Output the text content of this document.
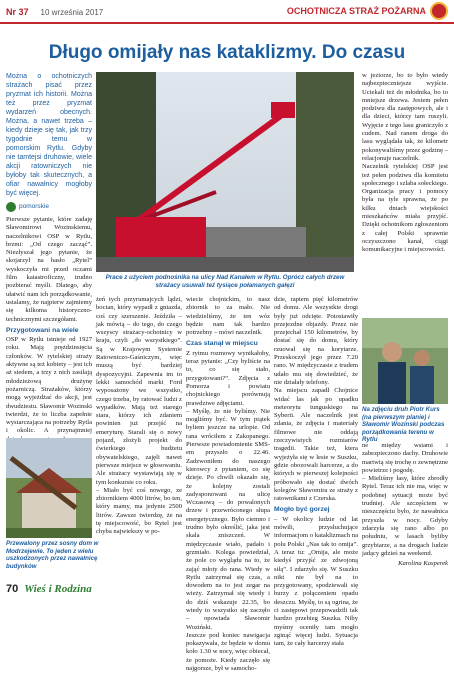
Nr 37 10 września 2017	OCHOTNICZA STRAŻ POŻARNA
Długo omijały nas kataklizmy. Do czasu

Można o ochotniczych strażach pisać przez pryzmat ich historii. Można też przez pryzmat wydarzeń obecnych. Można, a nawet trzeba – kiedy dzieje się tak, jak trzy tygodnie temu w pomorskim Rytlu. Gdyby nie tamtejsi druhowie, wiele akcji ratowniczych nie byłoby tak skutecznych, a ofiar nawałnicy mogłoby być więcej.

pomorskie

Pierwsze pytanie, które zadaję Sławomirowi Wozinskiemu, naczelnikowi OSP w Rytlu, brzmi: „Od czego zacząć”. Niezłyszał jego pytanie, że skojarzył na hasło „Rytel” wyskoczyła mi przed oczami film katastroficzny, trudno pozbierać myśli. Dlatego, aby ułatwić nam ich porządkowanie, ustalamy, że najpierw zajmiemy się kilkoma historyczno-technicznymi szczegółami.

Przygotowani na wiele

OSP w Rytlu istnieje od 1927 roku. Mają prężdzinsięcia członków. W rytelskiej straży aktywne są też kobiety – jest ich aż siedem, a trzy z nich zasilają młodzieżową drużynę pożarniczą. Strażaków, którzy mogą wyjeżdżać do akcji, jest dwudziestu. Sławomir Wozinski twierdzi, że to liczba zapełnie wystarczająca na potrzeby Rytla i okolic. A przynajmniej

Prace z użyciem podnośnika na ulicy Nad Kanałem w Rytlu. Oprócz całych drzew strażacy usuwali też tysiące połamanych gałęzi

żeń tych przyrumajcych lądzi, bocian, który wypadł z gniazda, coś czy szerszenie. Jeździła – jak mówią – do tego, do czego wszyscy strażacy-ochotnicy w kraju, czyli „do wszystkiego”. Są w Krajowym Systemie Ratowniczo-Gaśniczym, więc muszą być bardziej dyspozycyjni. Zapewnia im to lekki samochód marki Ford wyposażony we wszystko, czego trzeba, by ratować ludzi z wypadków. Mają też starego stara, którzy ich zdaniem powinien już przejść na emeryturę. Starali się o nowy pojazd, złożyli projekt do ćwierkiego budżetu obywatelskiego, zajęli nawet pierwsze miejsce w głosowaniu. Ale strażacy wystawiają się w tym konkursie co roku.

– Miało być coś nowego, ze zbiornikiem 4000 litrów, bo ten, który mamy, ma jedynie 2500 litrów. Zawsze twierdzę, że na tę miejscowość, bo Rytel jest chyba najwiekszy w po-

wiecie chojnickim, to nasz zbiornik to za mało. Nie wiedzieliśmy, że ten wóz będzie nam tak bardzo potrzebny – mówi naczelnik.

Czas stanął w miejscu

Z rytmu rozmowy wynikałoby, teraz pytanie: „Czy byliście na to, co się stało, przygotowani?”. Zdjęcia z Pomorza i powiatu chojnickiego porównują prawdziwe zdjęciami.

– Myślę, że nie byliśmy. Nie mogliśmy być. W tym piątek byliem jeszcze na urlopie. Od rana wróciłem z Zakopanego. Pierwsze powiadomienie SMS-em przyszło o 22.46. Zadzwoniłem do naszego kierowcy z pytaniem, co się dzieje. Po chwili okazało się, że kolejny zostali zadysponowani na ulicę Wczasową – do powalonych drzew i przewróconego słupa energetycznego. Było ciemno i trudno było określić, jaka jest skala zniszczeń. W międzyczasie wiało, padało i grzmiało. Kolega powiedział, że pole co wyglądu na to, że zająć młoty do rana. Wtedy w Rytlu zatrzymał się czas, a dowodem na to jest zegar na wieży. Zatrzymał się wtedy i do dziś wskazuje 22.35, bo wtedy to wszystko się zaczęło – opowiada Sławomir Woziński.

Jeszcze pod koniec nawigacja pokazywała, że będzie w domu koło 1.30 w nocy, więc obiecał, że pomoże. Kiedy zaczęło się najgorsze, był w samocho-

dzie, raptem pięć kilometrów od domu. Ale wszystkie drogi były już odcięte. Potostawiły przejezdne objazdy. Przez nie przejechał 150 kilometrów, by dostać się do domu, który rzuował się na korytarze. Przeskoczył jego przez 7.20 rano. W międzyczasie z trudem udało mu się dowiedzieć, że nie działały telefony.

Na miejscu zapadł Chojnice widać las jak po upadku meteorytu tunguskiego na Syberii. Ale naczelnik jest zdania, że zdjęcia i materiały filmowe nie oddają rzeczywistych rozmiarów tragedii. Takie też, ktera wyjeżyła się w lesie w Suszku, gdzie obozowali harcerze, a do których w pierwszej kolejności próbowało się dostać dwóch kolegów Sławomira ze straży z ratownikami z Czerska.

Mogło być gorzej

– W okolicy ludzie od lat mówili, przysłuchujące informacjom o kataklizmach na polu Polski „Nas tak to omija”. A teraz tu: „Omija, ale może kiedyś przyjść ze zdwojoną siłą”. I zdarzyło się. W Suszku nikt nie był na to przygotowany, spodziewali się burzy z połączeniem opadu deszczu. Myślę, to są ogrina, że ci zastępowi przepowadzili tak bardzo przebieg Suszka. Niby myśmy oceniły tam mogło zginąć więcej ludzi. Sytuacja tam, że cały harcerzy stała

w jeziorze, bo to było wtedy najbezpieczniejsze wyjście. Uciekali też do młodnika, bo to mniejsze drzewa. Jestem pełen podziwu dla zastępowych, ale i dla dzieci, którzy tam ruszyli. Wyjęcie z tego lasu graniczyło z cudem. Nad ranem droga do lasu wyglądała tak, że kilometr pokonywaliśmy przez godzinę – relacjonuje naczelnik.

Naczelnik rytelskiej OSP jest też pełen podziwu dla komitetu społecznego i szlaba sołeckiego. Organizacja pracy i pomocy była na tyle sprawna, że po kilku dniach wiejskości mieszkańców miała przyjść. Dzięki ochotnikom zgłoszeniom z całej Polski sprawnie oczyszczono kanał, ciągi komunikacyjne i miejscowości.

Na zdjęciu druh Piotr Kurs (na pierwszym planie) i Sławomir Wozinski podczas porządkowania terenu w Rytlu

ne między wsiami i zabezpieczono dachy. Druhowie martwią się trochę o zewnętrzne powietrze i pogodę.

– Mieliśmy łasy, które zbrodły Rytel. Teraz ich nie ma, więc w podobnej sytuacji może być trudniej. Ale szczęściem w nieszczęściu było, że nawałnica przyszła w nocy. Gdyby zdarzyła się rano albo po południu, w lasach byliby grzybiarze, a na drogach ludzie jadący gdzieś na weekend.

Karolina Kasperek

Przewalony przez sosny dom w Modrzejewie. To jeden z wielu uszkodzonych przez nawałnicę budynków
70 Wieś i Rodzina
